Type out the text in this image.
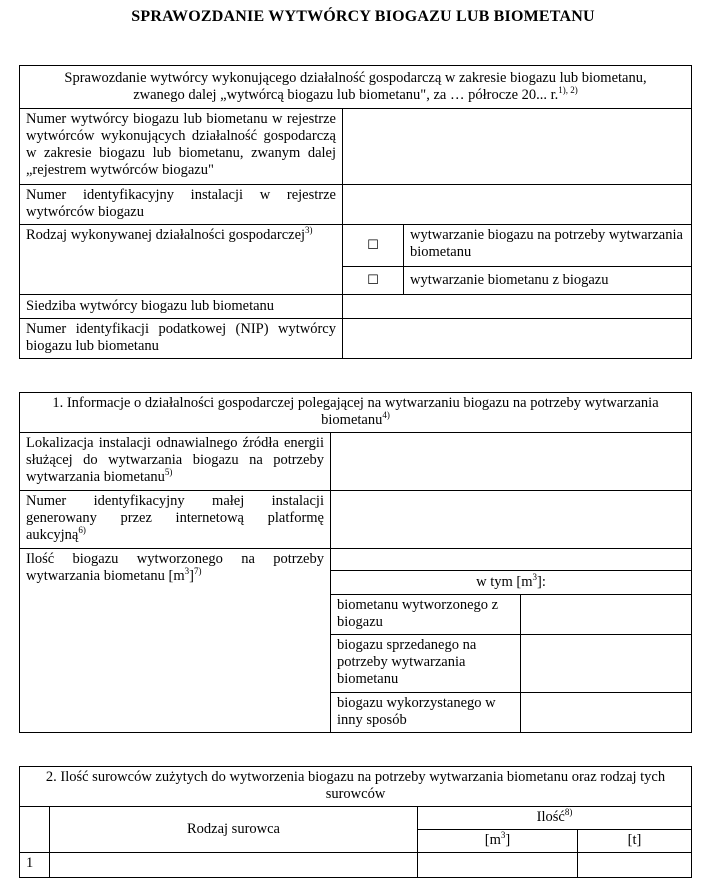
SPRAWOZDANIE WYTWÓRCY BIOGAZU LUB BIOMETANU
Sprawozdanie wytwórcy wykonującego działalność gospodarczą w zakresie biogazu lub biometanu,
zwanego dalej „wytwórcą biogazu lub biometanu", za … półrocze 20... r.$^{1), 2)}$
Numer wytwórcy biogazu lub biometanu w rejestrze wytwórców wykonujących działalność gospodarczą w zakresie biogazu lub biometanu, zwanym dalej „rejestrem wytwórców biogazu"		
Numer identyfikacyjny instalacji w rejestrze wytwórców biogazu		
Rodzaj wykonywanej działalności gospodarczej$^{3)}$	☐	wytwarzanie biogazu na potrzeby wytwarzania biometanu
	☐	wytwarzanie biometanu z biogazu
Siedziba wytwórcy biogazu lub biometanu		
Numer identyfikacji podatkowej (NIP) wytwórcy biogazu lub biometanu		
1. Informacje o działalności gospodarczej polegającej na wytwarzaniu biogazu na potrzeby wytwarzania biometanu$^{4)}$
Lokalizacja instalacji odnawialnego źródła energii służącej do wytwarzania biogazu na potrzeby wytwarzania biometanu$^{5)}$	
Numer identyfikacyjny małej instalacji generowany przez internetową platformę aukcyjną$^{6)}$	
Ilość biogazu wytworzonego na potrzeby wytwarzania biometanu $[m^3]^{7)}$	
	w tym $[m^3]$:	
	biometanu wytworzonego z biogazu	
	biogazu sprzedanego na potrzeby wytwarzania biometanu	
	biogazu wykorzystanego w inny sposób	
2. Ilość surowców zużytych do wytworzenia biogazu na potrzeby wytwarzania biometanu oraz rodzaj tych surowców			
	Rodzaj surowca	Ilość$^{8)}$
		$[m^3]$	[t]
1			
